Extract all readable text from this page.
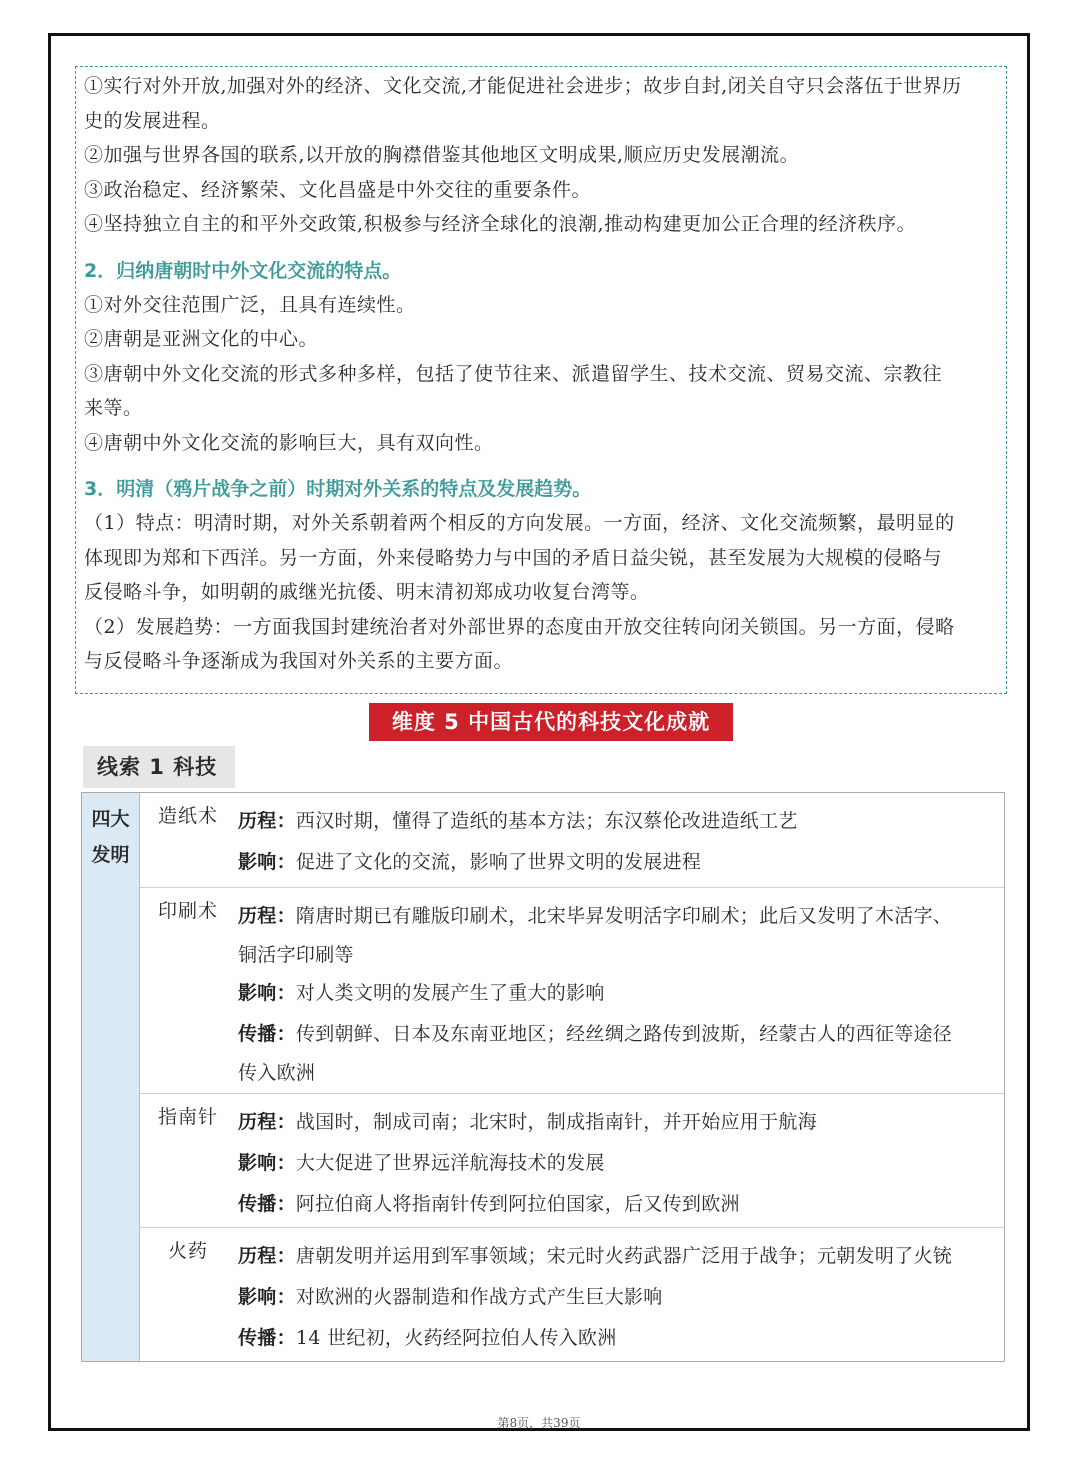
①实行对外开放,加强对外的经济、文化交流,才能促进社会进步；故步自封,闭关自守只会落伍于世界历
史的发展进程。
②加强与世界各国的联系,以开放的胸襟借鉴其他地区文明成果,顺应历史发展潮流。
③政治稳定、经济繁荣、文化昌盛是中外交往的重要条件。
④坚持独立自主的和平外交政策,积极参与经济全球化的浪潮,推动构建更加公正合理的经济秩序。
2．归纳唐朝时中外文化交流的特点。
①对外交往范围广泛，且具有连续性。
②唐朝是亚洲文化的中心。
③唐朝中外文化交流的形式多种多样，包括了使节往来、派遣留学生、技术交流、贸易交流、宗教往
来等。
④唐朝中外文化交流的影响巨大，具有双向性。
3．明清（鸦片战争之前）时期对外关系的特点及发展趋势。
（1）特点：明清时期，对外关系朝着两个相反的方向发展。一方面，经济、文化交流频繁，最明显的
体现即为郑和下西洋。另一方面，外来侵略势力与中国的矛盾日益尖锐，甚至发展为大规模的侵略与
反侵略斗争，如明朝的戚继光抗倭、明末清初郑成功收复台湾等。
（2）发展趋势：一方面我国封建统治者对外部世界的态度由开放交往转向闭关锁国。另一方面，侵略
与反侵略斗争逐渐成为我国对外关系的主要方面。
维度 5 中国古代的科技文化成就
线索 1 科技
四大
发明
造纸术	历程：西汉时期，懂得了造纸的基本方法；东汉蔡伦改进造纸工艺
影响：促进了文化的交流，影响了世界文明的发展进程
印刷术	历程：隋唐时期已有雕版印刷术，北宋毕昇发明活字印刷术；此后又发明了木活字、
铜活字印刷等
影响：对人类文明的发展产生了重大的影响
传播：传到朝鲜、日本及东南亚地区；经丝绸之路传到波斯，经蒙古人的西征等途径
传入欧洲
指南针	历程：战国时，制成司南；北宋时，制成指南针，并开始应用于航海
影响：大大促进了世界远洋航海技术的发展
传播：阿拉伯商人将指南针传到阿拉伯国家，后又传到欧洲
火药	历程：唐朝发明并运用到军事领域；宋元时火药武器广泛用于战争；元朝发明了火铳
影响：对欧洲的火器制造和作战方式产生巨大影响
传播：14 世纪初，火药经阿拉伯人传入欧洲
第8页，共39页
